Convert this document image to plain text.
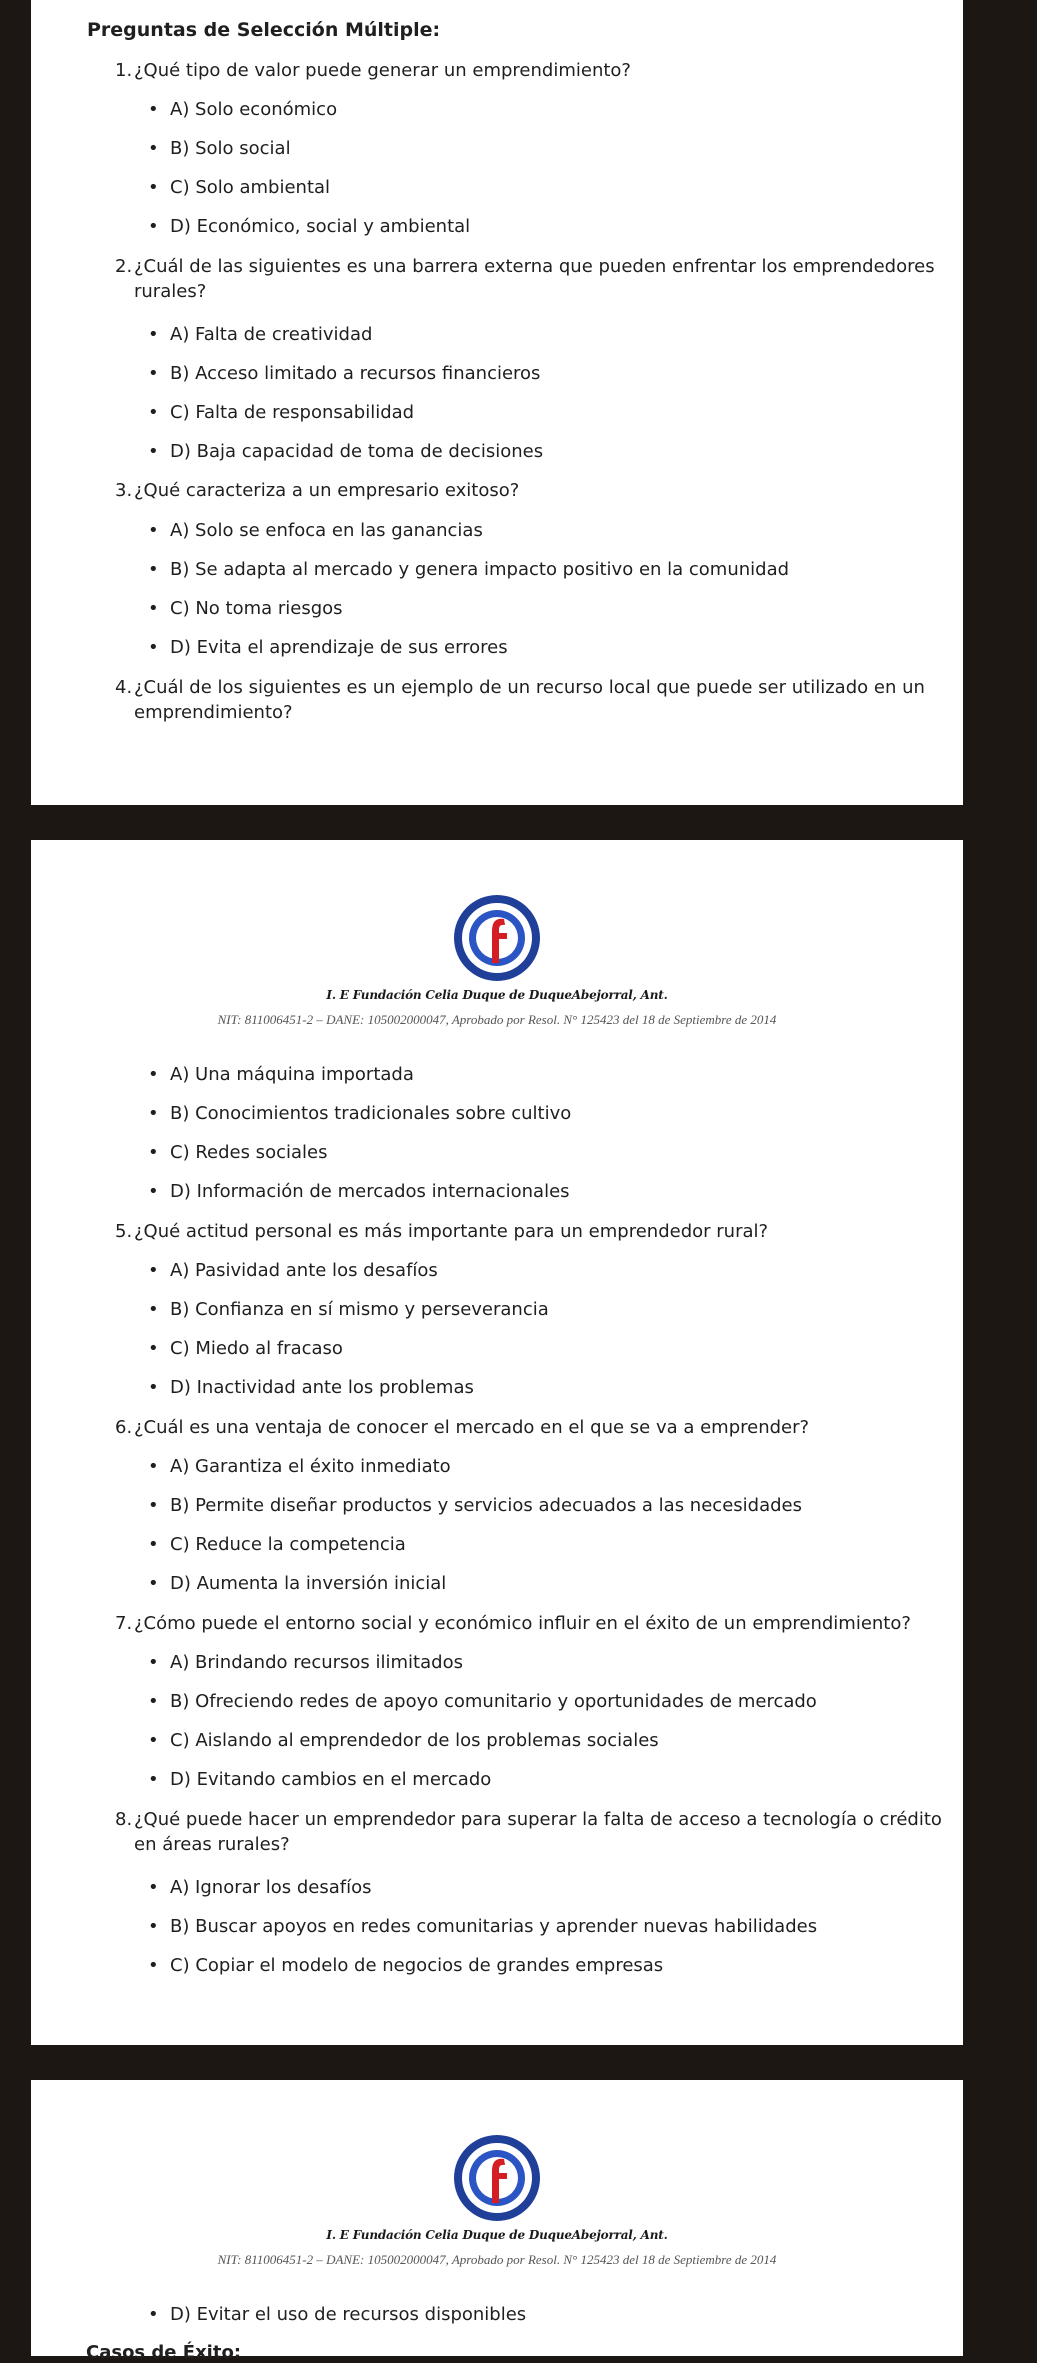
Preguntas de Selección Múltiple:
1. ¿Qué tipo de valor puede generar un emprendimiento?
• A) Solo económico
• B) Solo social
• C) Solo ambiental
• D) Económico, social y ambiental
2. ¿Cuál de las siguientes es una barrera externa que pueden enfrentar los emprendedores rurales?
• A) Falta de creatividad
• B) Acceso limitado a recursos financieros
• C) Falta de responsabilidad
• D) Baja capacidad de toma de decisiones
3. ¿Qué caracteriza a un empresario exitoso?
• A) Solo se enfoca en las ganancias
• B) Se adapta al mercado y genera impacto positivo en la comunidad
• C) No toma riesgos
• D) Evita el aprendizaje de sus errores
4. ¿Cuál de los siguientes es un ejemplo de un recurso local que puede ser utilizado en un emprendimiento?
I. E Fundación Celia Duque de DuqueAbejorral, Ant.
NIT: 811006451-2 – DANE: 105002000047, Aprobado por Resol. N° 125423 del 18 de Septiembre de 2014
• A) Una máquina importada
• B) Conocimientos tradicionales sobre cultivo
• C) Redes sociales
• D) Información de mercados internacionales
5. ¿Qué actitud personal es más importante para un emprendedor rural?
• A) Pasividad ante los desafíos
• B) Confianza en sí mismo y perseverancia
• C) Miedo al fracaso
• D) Inactividad ante los problemas
6. ¿Cuál es una ventaja de conocer el mercado en el que se va a emprender?
• A) Garantiza el éxito inmediato
• B) Permite diseñar productos y servicios adecuados a las necesidades
• C) Reduce la competencia
• D) Aumenta la inversión inicial
7. ¿Cómo puede el entorno social y económico influir en el éxito de un emprendimiento?
• A) Brindando recursos ilimitados
• B) Ofreciendo redes de apoyo comunitario y oportunidades de mercado
• C) Aislando al emprendedor de los problemas sociales
• D) Evitando cambios en el mercado
8. ¿Qué puede hacer un emprendedor para superar la falta de acceso a tecnología o crédito en áreas rurales?
• A) Ignorar los desafíos
• B) Buscar apoyos en redes comunitarias y aprender nuevas habilidades
• C) Copiar el modelo de negocios de grandes empresas
I. E Fundación Celia Duque de DuqueAbejorral, Ant.
NIT: 811006451-2 – DANE: 105002000047, Aprobado por Resol. N° 125423 del 18 de Septiembre de 2014
• D) Evitar el uso de recursos disponibles
Casos de Éxito:
